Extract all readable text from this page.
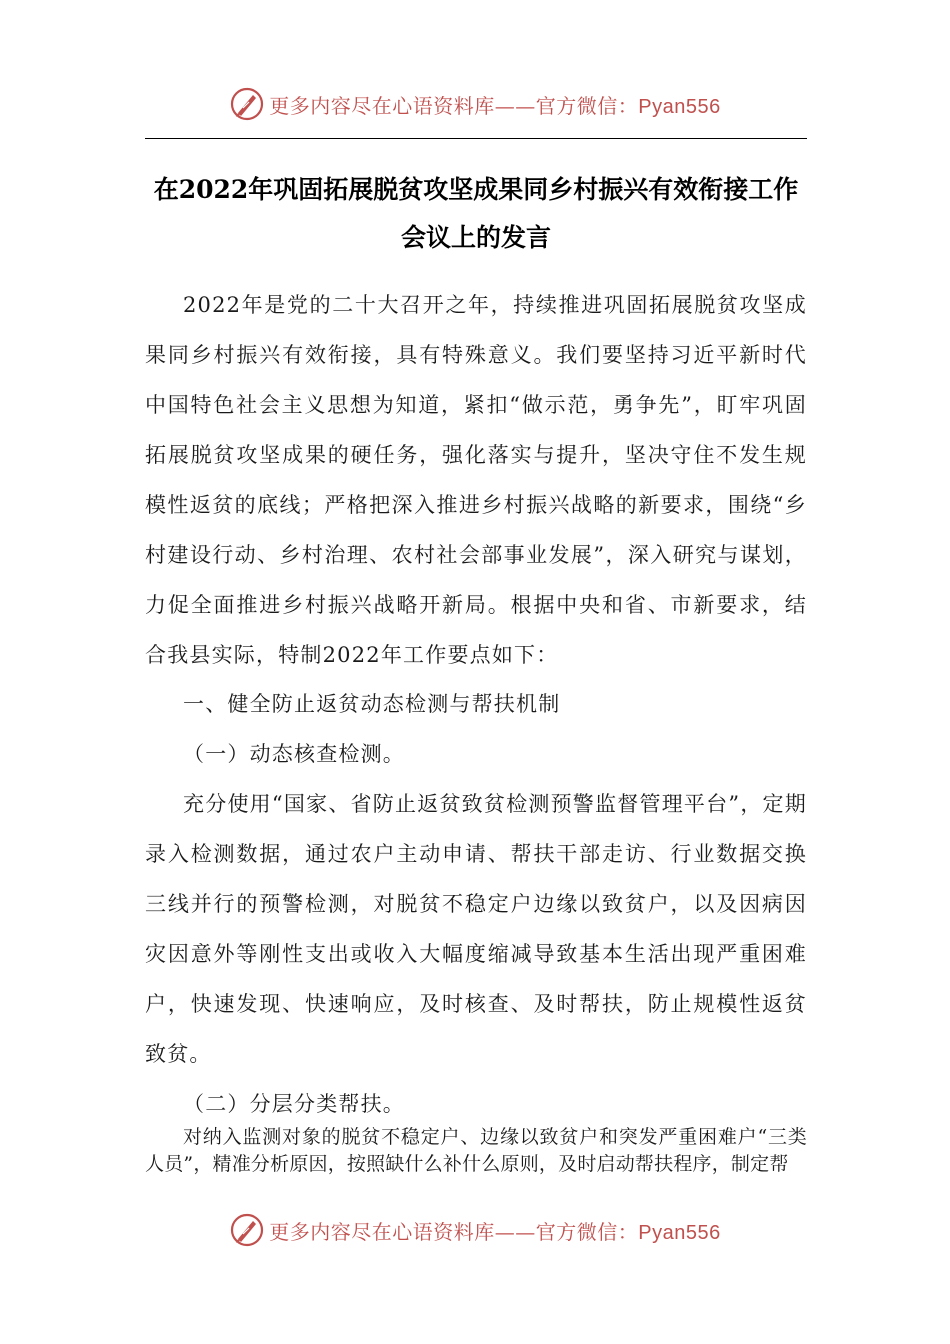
更多内容尽在心语资料库——官方微信：Pyan556
在2022年巩固拓展脱贫攻坚成果同乡村振兴有效衔接工作
会议上的发言
2022年是党的二十大召开之年，持续推进巩固拓展脱贫攻坚成果同乡村振兴有效衔接，具有特殊意义。我们要坚持习近平新时代中国特色社会主义思想为知道，紧扣“做示范，勇争先”，盯牢巩固拓展脱贫攻坚成果的硬任务，强化落实与提升，坚决守住不发生规模性返贫的底线；严格把深入推进乡村振兴战略的新要求，围绕“乡村建设行动、乡村治理、农村社会部事业发展”，深入研究与谋划，力促全面推进乡村振兴战略开新局。根据中央和省、市新要求，结合我县实际，特制2022年工作要点如下：
一、健全防止返贫动态检测与帮扶机制
（一）动态核查检测。
充分使用“国家、省防止返贫致贫检测预警监督管理平台”，定期录入检测数据，通过农户主动申请、帮扶干部走访、行业数据交换三线并行的预警检测，对脱贫不稳定户边缘以致贫户，以及因病因灾因意外等刚性支出或收入大幅度缩减导致基本生活出现严重困难户，快速发现、快速响应，及时核查、及时帮扶，防止规模性返贫致贫。
（二）分层分类帮扶。
对纳入监测对象的脱贫不稳定户、边缘以致贫户和突发严重困难户“三类人员”，精准分析原因，按照缺什么补什么原则，及时启动帮扶程序，制定帮
更多内容尽在心语资料库——官方微信：Pyan556
